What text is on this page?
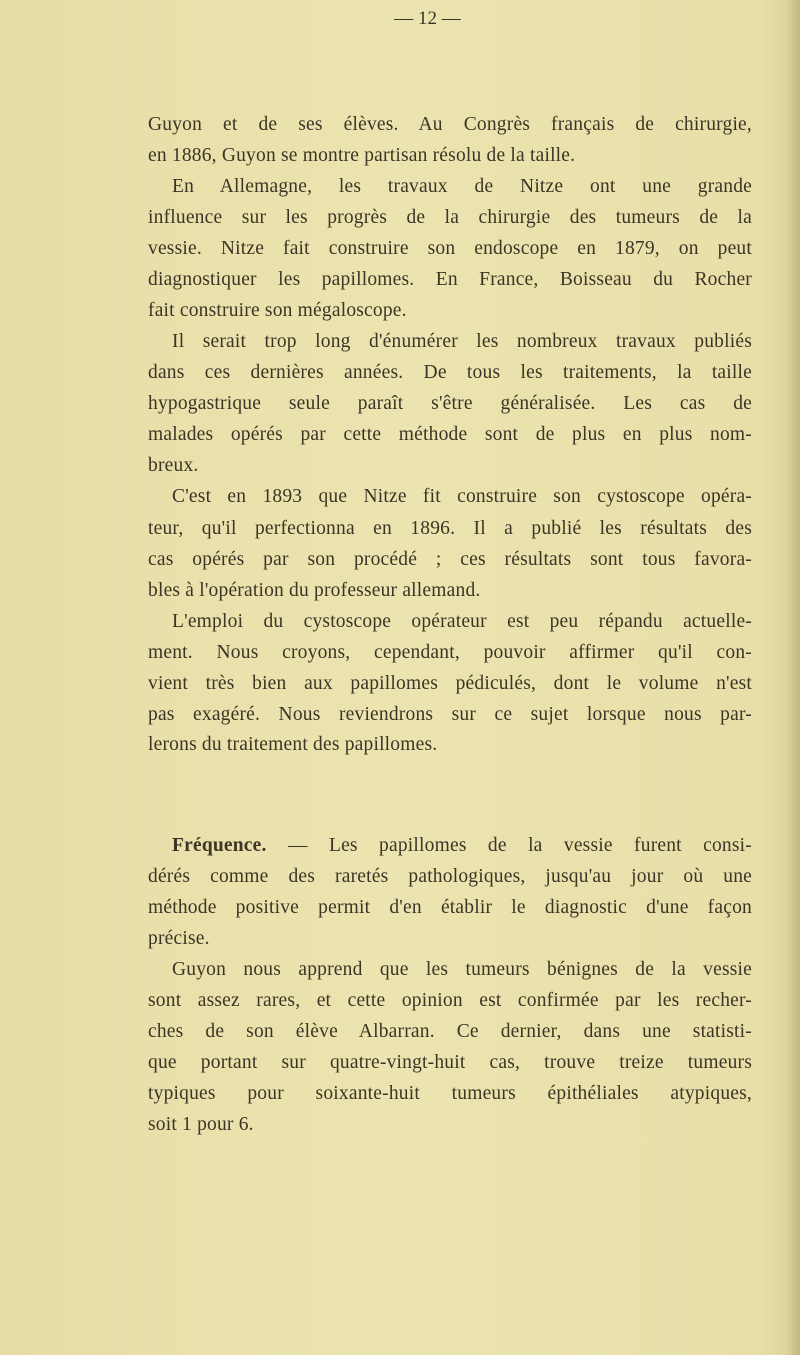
— 12 —
Guyon et de ses élèves. Au Congrès français de chirurgie,
en 1886, Guyon se montre partisan résolu de la taille.
En Allemagne, les travaux de Nitze ont une grande
influence sur les progrès de la chirurgie des tumeurs de la
vessie. Nitze fait construire son endoscope en 1879, on peut
diagnostiquer les papillomes. En France, Boisseau du Rocher
fait construire son mégaloscope.
Il serait trop long d'énumérer les nombreux travaux publiés
dans ces dernières années. De tous les traitements, la taille
hypogastrique seule paraît s'être généralisée. Les cas de
malades opérés par cette méthode sont de plus en plus nom-
breux.
C'est en 1893 que Nitze fit construire son cystoscope opéra-
teur, qu'il perfectionna en 1896. Il a publié les résultats des
cas opérés par son procédé ; ces résultats sont tous favora-
bles à l'opération du professeur allemand.
L'emploi du cystoscope opérateur est peu répandu actuelle-
ment. Nous croyons, cependant, pouvoir affirmer qu'il con-
vient très bien aux papillomes pédiculés, dont le volume n'est
pas exagéré. Nous reviendrons sur ce sujet lorsque nous par-
lerons du traitement des papillomes.
Fréquence. — Les papillomes de la vessie furent consi-
dérés comme des raretés pathologiques, jusqu'au jour où une
méthode positive permit d'en établir le diagnostic d'une façon
précise.
Guyon nous apprend que les tumeurs bénignes de la vessie
sont assez rares, et cette opinion est confirmée par les recher-
ches de son élève Albarran. Ce dernier, dans une statisti-
que portant sur quatre-vingt-huit cas, trouve treize tumeurs
typiques pour soixante-huit tumeurs épithéliales atypiques,
soit 1 pour 6.
